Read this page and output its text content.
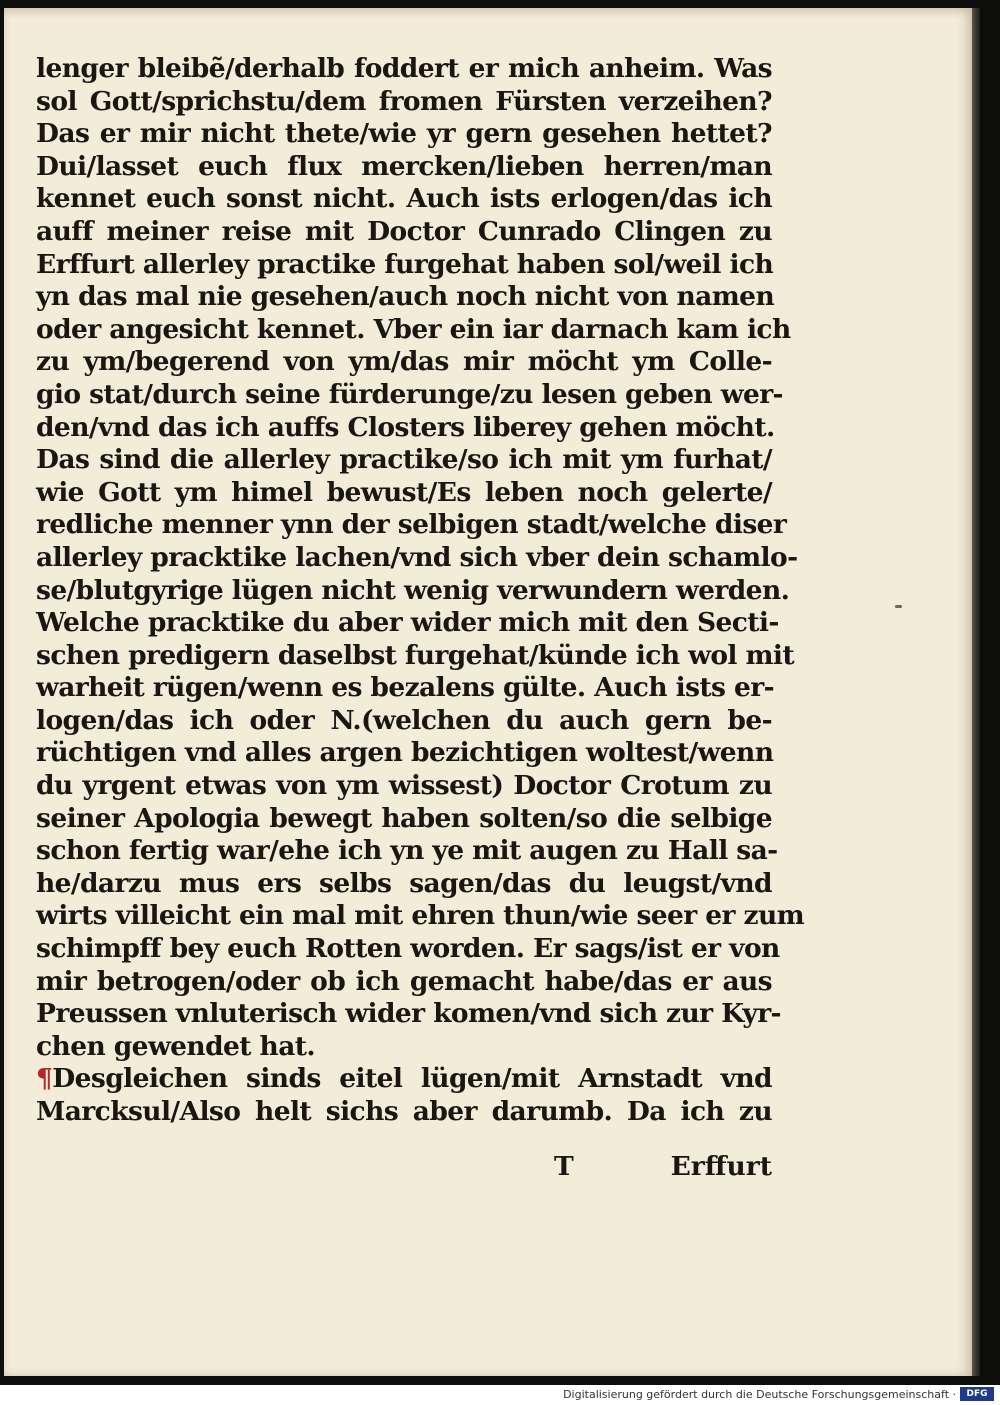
lenger bleibẽ/derhalb foddert er mich anheim. Was
sol Gott/sprichstu/dem fromen Fürsten verzeihen?
Das er mir nicht thete/wie yr gern gesehen hettet?
Dui/lasset euch flux mercken/lieben herren/man
kennet euch sonst nicht. Auch ists erlogen/das ich
auff meiner reise mit Doctor Cunrado Clingen zu
Erffurt allerley practike furgehat haben sol/weil ich
yn das mal nie gesehen/auch noch nicht von namen
oder angesicht kennet. Vber ein iar darnach kam ich
zu ym/begerend von ym/das mir möcht ym Colle-
gio stat/durch seine fürderunge/zu lesen geben wer-
den/vnd das ich auffs Closters liberey gehen möcht.
Das sind die allerley practike/so ich mit ym furhat/
wie Gott ym himel bewust/Es leben noch gelerte/
redliche menner ynn der selbigen stadt/welche diser
allerley pracktike lachen/vnd sich vber dein schamlo-
se/blutgyrige lügen nicht wenig verwundern werden.
Welche pracktike du aber wider mich mit den Secti-
schen predigern daselbst furgehat/künde ich wol mit
warheit rügen/wenn es bezalens gülte. Auch ists er-
logen/das ich oder N.(welchen du auch gern be-
rüchtigen vnd alles argen bezichtigen woltest/wenn
du yrgent etwas von ym wissest) Doctor Crotum zu
seiner Apologia bewegt haben solten/so die selbige
schon fertig war/ehe ich yn ye mit augen zu Hall sa-
he/darzu mus ers selbs sagen/das du leugst/vnd
wirts villeicht ein mal mit ehren thun/wie seer er zum
schimpff bey euch Rotten worden. Er sags/ist er von
mir betrogen/oder ob ich gemacht habe/das er aus
Preussen vnluterisch wider komen/vnd sich zur Kyr-
chen gewendet hat.
¶Desgleichen sinds eitel lügen/mit Arnstadt vnd
Marcksul/Also helt sichs aber darumb. Da ich zu
T	Erffurt
Digitalisierung gefördert durch die Deutsche Forschungsgemeinschaft ·	DFG
